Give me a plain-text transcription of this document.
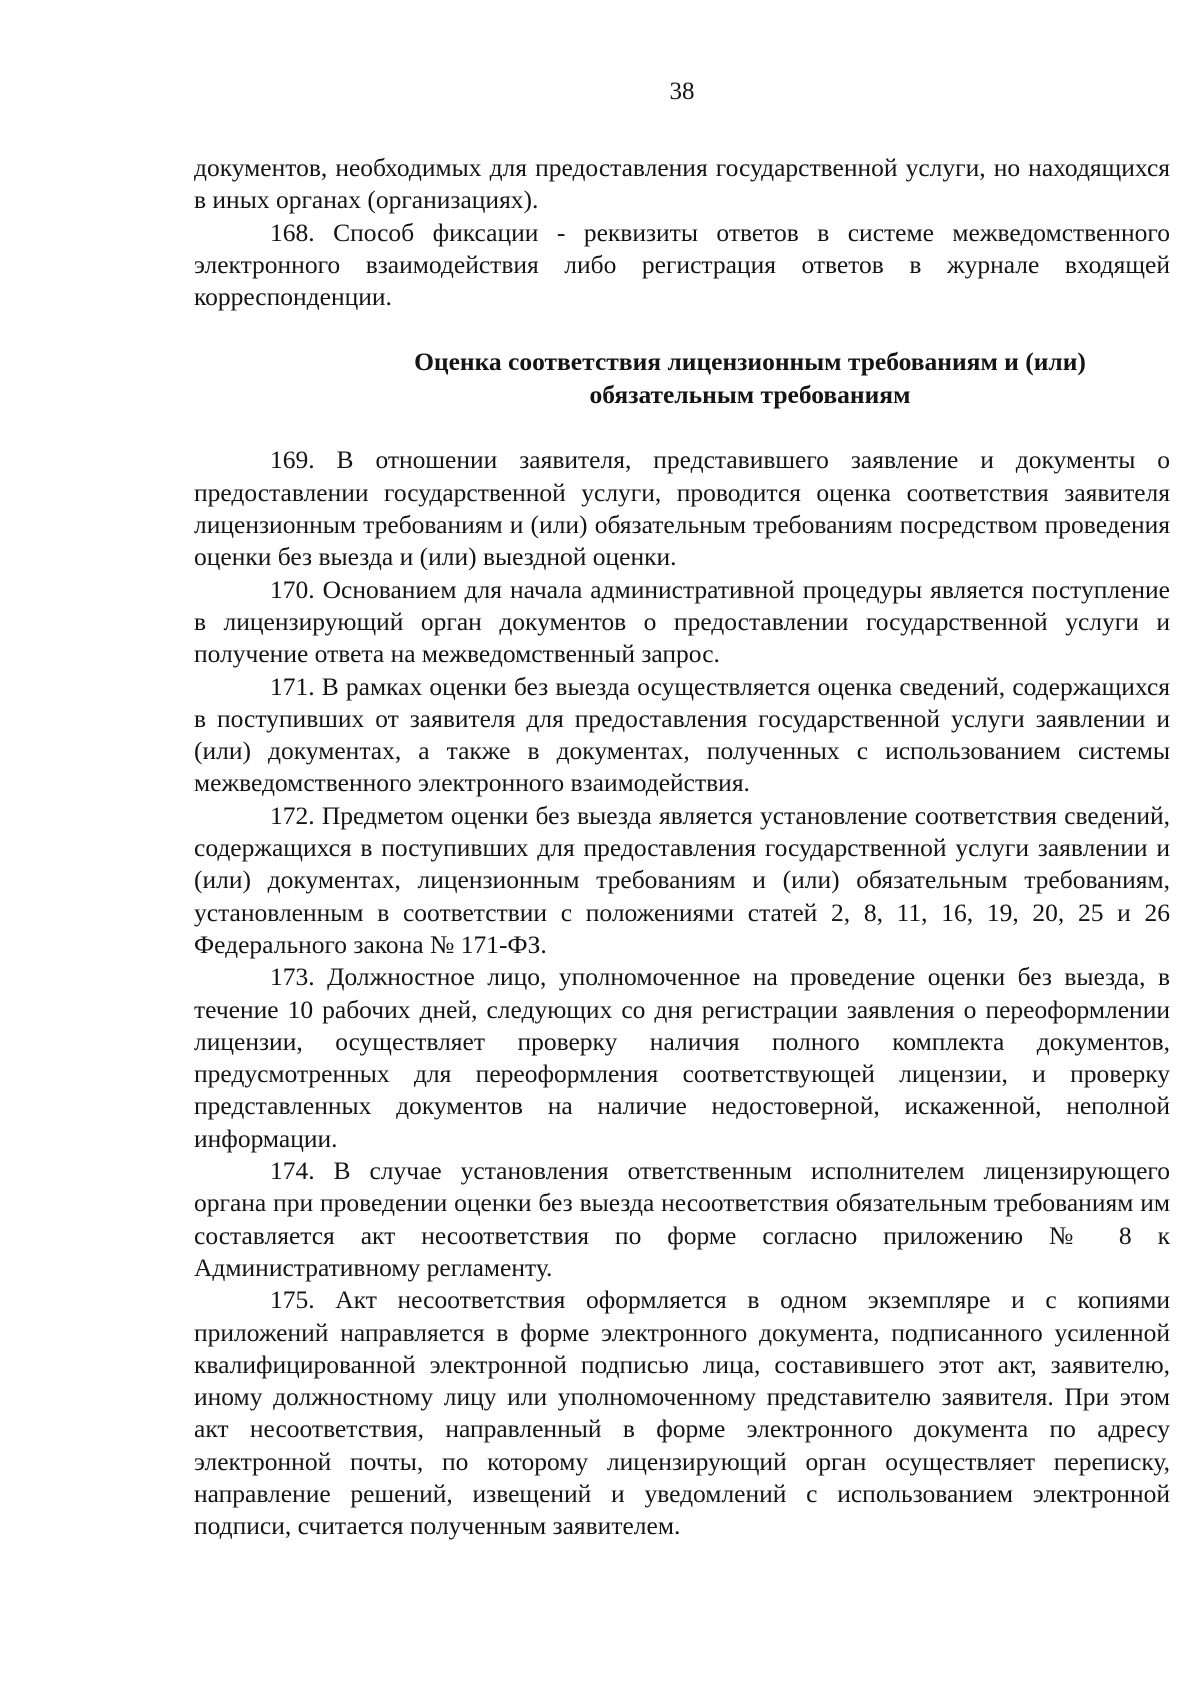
38

документов, необходимых для предоставления государственной услуги, но находящихся в иных органах (организациях).

168. Способ фиксации - реквизиты ответов в системе межведомственного электронного взаимодействия либо регистрация ответов в журнале входящей корреспонденции.

Оценка соответствия лицензионным требованиям и (или)
обязательным требованиям

169. В отношении заявителя, представившего заявление и документы о предоставлении государственной услуги, проводится оценка соответствия заявителя лицензионным требованиям и (или) обязательным требованиям посредством проведения оценки без выезда и (или) выездной оценки.

170. Основанием для начала административной процедуры является поступление в лицензирующий орган документов о предоставлении государственной услуги и получение ответа на межведомственный запрос.

171. В рамках оценки без выезда осуществляется оценка сведений, содержащихся в поступивших от заявителя для предоставления государственной услуги заявлении и (или) документах, а также в документах, полученных с использованием системы межведомственного электронного взаимодействия.

172. Предметом оценки без выезда является установление соответствия сведений, содержащихся в поступивших для предоставления государственной услуги заявлении и (или) документах, лицензионным требованиям и (или) обязательным требованиям, установленным в соответствии с положениями статей 2, 8, 11, 16, 19, 20, 25 и 26 Федерального закона № 171-ФЗ.

173. Должностное лицо, уполномоченное на проведение оценки без выезда, в течение 10 рабочих дней, следующих со дня регистрации заявления о переоформлении лицензии, осуществляет проверку наличия полного комплекта документов, предусмотренных для переоформления соответствующей лицензии, и проверку представленных документов на наличие недостоверной, искаженной, неполной информации.

174. В случае установления ответственным исполнителем лицензирующего органа при проведении оценки без выезда несоответствия обязательным требованиям им составляется акт несоответствия по форме согласно приложению № 8 к Административному регламенту.

175. Акт несоответствия оформляется в одном экземпляре и с копиями приложений направляется в форме электронного документа, подписанного усиленной квалифицированной электронной подписью лица, составившего этот акт, заявителю, иному должностному лицу или уполномоченному представителю заявителя. При этом акт несоответствия, направленный в форме электронного документа по адресу электронной почты, по которому лицензирующий орган осуществляет переписку, направление решений, извещений и уведомлений с использованием электронной подписи, считается полученным заявителем.
